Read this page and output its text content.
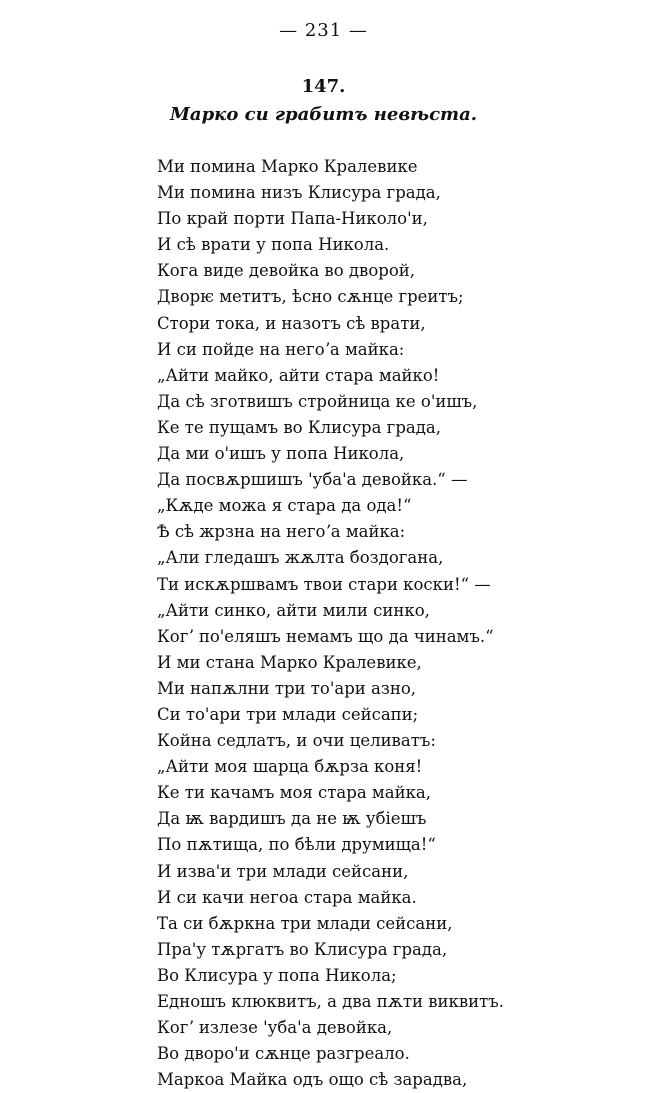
— 231 —
147.
Марко си грабитъ невѣста.
Ми помина Марко Кралевике
Ми помина низъ Клисура града,
По край порти Папа-Николо'и,
И сѣ врати у попа Никола.
Кога виде девойка во дворой,
Дворѥ метитъ, ѣсно сѫнце греитъ;
Стори тока, и назотъ сѣ врати,
И си пойде на негоʼа майка:
„Айти майко, айти стара майко!
Да сѣ зготвишъ стройница ке о'ишъ,
Ке те пущамъ во Клисура града,
Да ми о'ишъ у попа Никола,
Да посвѫршишъ 'уба'а девойка.“ —
„Кѫде можа я стара да ода!“
Ѣ сѣ жрзна на негоʼа майка:
„Али гледашъ жѫлта боздогана,
Ти искѫршвамъ твои стари коски!“ —
„Айти синко, айти мили синко,
Когʼ по'еляшъ немамъ що да чинамъ.“
И ми стана Марко Кралевике,
Ми напѫлни три то'ари азно,
Си то'ари три млади сейсапи;
Койна седлатъ, и очи целиватъ:
„Айти моя шарца бѫрза коня!
Ке ти качамъ моя стара майка,
Да ѭ вардишъ да не ѭ убіешъ
По пѫтища, по бѣли друмища!“
И изва'и три млади сейсани,
И си качи негоа стара майка.
Та си бѫркна три млади сейсани,
Пра'у тѫргатъ во Клисура града,
Во Клисура у попа Никола;
Едношъ клюквитъ, а два пѫти виквитъ.
Когʼ излезе 'уба'а девойка,
Во дворо'и сѫнце разгреало.
Маркоа Майка одъ ощо сѣ зарадва,
